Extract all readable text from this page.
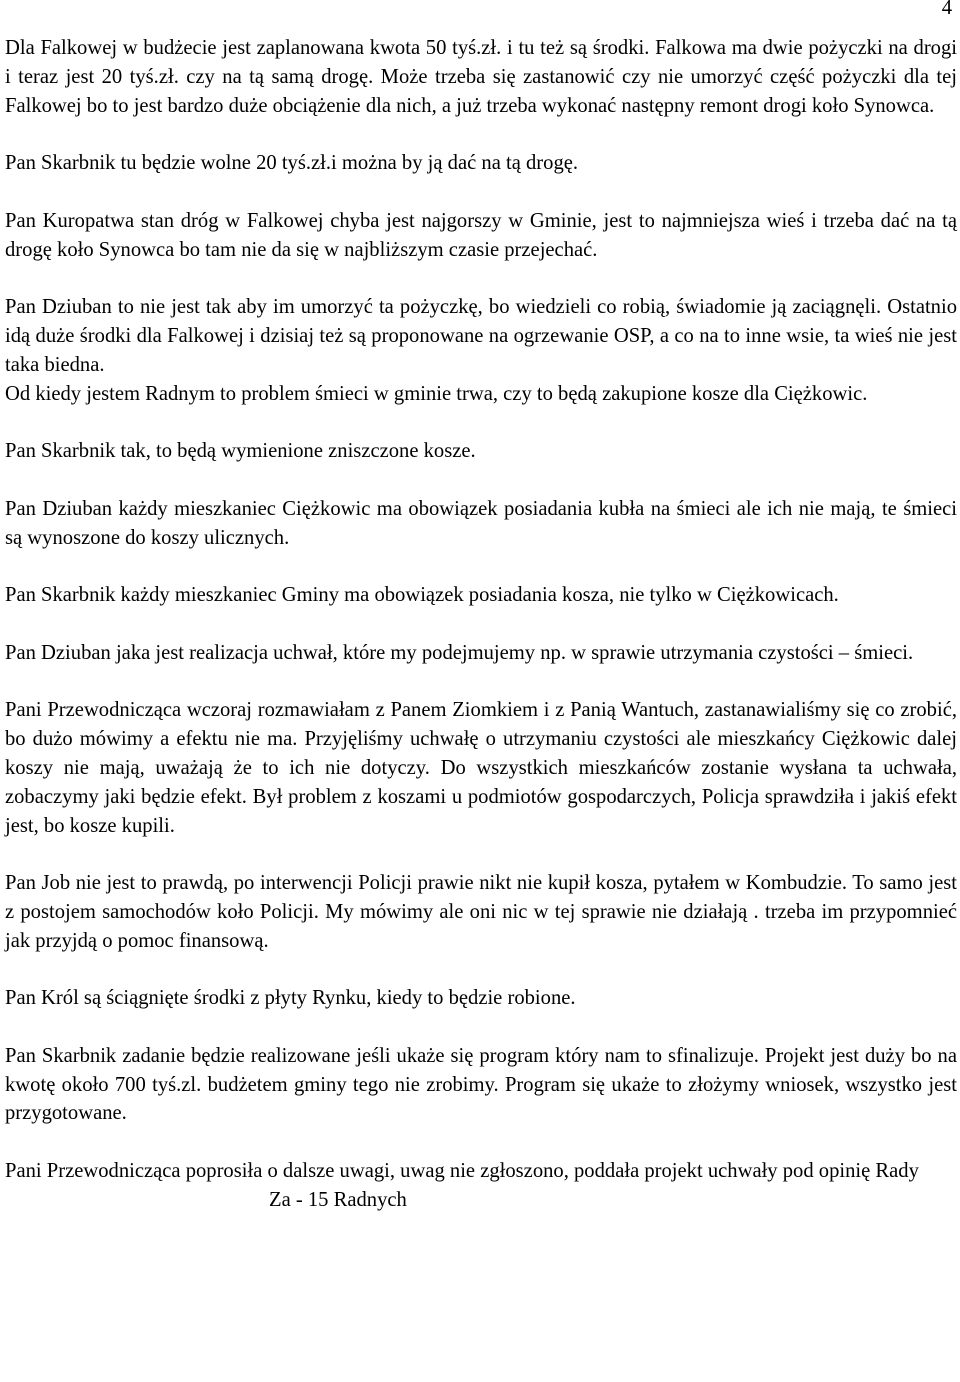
4

Dla Falkowej w budżecie jest zaplanowana kwota 50 tyś.zł. i tu też są środki. Falkowa ma dwie pożyczki na drogi i teraz jest 20 tyś.zł. czy na tą samą drogę. Może trzeba się zastanowić czy nie umorzyć część pożyczki dla tej Falkowej bo to jest bardzo duże obciążenie dla nich, a już trzeba wykonać następny remont drogi koło Synowca.

Pan Skarbnik tu będzie wolne 20 tyś.zł.i można by ją dać na tą drogę.

Pan Kuropatwa stan dróg w Falkowej chyba jest najgorszy w Gminie, jest to najmniejsza wieś i trzeba dać na tą drogę koło Synowca bo tam nie da się w najbliższym czasie przejechać.

Pan Dziuban to nie jest tak aby im umorzyć ta pożyczkę, bo wiedzieli co robią, świadomie ją zaciągnęli. Ostatnio idą duże środki dla Falkowej i dzisiaj też są proponowane na ogrzewanie OSP, a co na to inne wsie, ta wieś nie jest taka biedna.

Od kiedy jestem Radnym to problem śmieci w gminie trwa, czy to będą zakupione kosze dla Ciężkowic.

Pan Skarbnik tak, to będą wymienione zniszczone kosze.

Pan Dziuban każdy mieszkaniec Ciężkowic ma obowiązek posiadania kubła na śmieci ale ich nie mają, te śmieci są wynoszone do koszy ulicznych.

Pan Skarbnik każdy mieszkaniec Gminy ma obowiązek posiadania kosza, nie tylko w Ciężkowicach.

Pan Dziuban jaka jest realizacja uchwał, które my podejmujemy np. w sprawie utrzymania czystości – śmieci.

Pani Przewodnicząca wczoraj rozmawiałam z Panem Ziomkiem i z Panią Wantuch, zastanawialiśmy się co zrobić, bo dużo mówimy a efektu nie ma. Przyjęliśmy uchwałę o utrzymaniu czystości ale mieszkańcy Ciężkowic dalej koszy nie mają, uważają że to ich nie dotyczy. Do wszystkich mieszkańców zostanie wysłana ta uchwała, zobaczymy jaki będzie efekt. Był problem z koszami u podmiotów gospodarczych, Policja sprawdziła i jakiś efekt jest, bo kosze kupili.

Pan Job nie jest to prawdą, po interwencji Policji prawie nikt nie kupił kosza, pytałem w Kombudzie. To samo jest z postojem samochodów koło Policji. My mówimy ale oni nic w tej sprawie nie działają . trzeba im przypomnieć jak przyjdą o pomoc finansową.

Pan Król są ściągnięte środki z płyty Rynku, kiedy to będzie robione.

Pan Skarbnik zadanie będzie realizowane jeśli ukaże się program który nam to sfinalizuje. Projekt jest duży bo na kwotę około 700 tyś.zl. budżetem gminy tego nie zrobimy. Program się ukaże to złożymy wniosek, wszystko jest przygotowane.

Pani Przewodnicząca poprosiła o dalsze uwagi, uwag nie zgłoszono, poddała projekt uchwały pod opinię Rady

Za - 15 Radnych
